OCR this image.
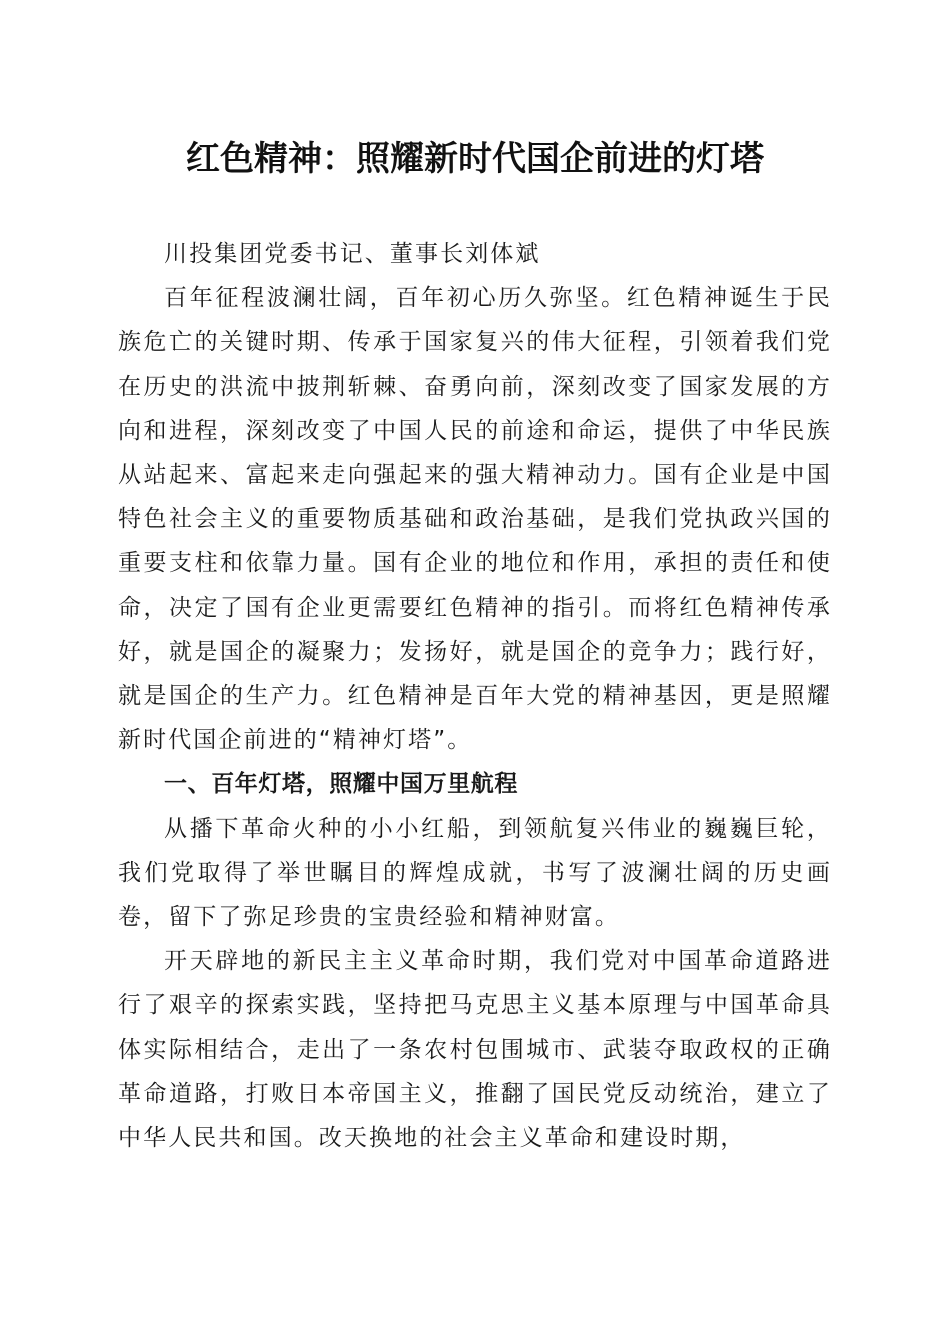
红色精神：照耀新时代国企前进的灯塔

川投集团党委书记、董事长刘体斌

百年征程波澜壮阔，百年初心历久弥坚。红色精神诞生于民族危亡的关键时期、传承于国家复兴的伟大征程，引领着我们党在历史的洪流中披荆斩棘、奋勇向前，深刻改变了国家发展的方向和进程，深刻改变了中国人民的前途和命运，提供了中华民族从站起来、富起来走向强起来的强大精神动力。国有企业是中国特色社会主义的重要物质基础和政治基础，是我们党执政兴国的重要支柱和依靠力量。国有企业的地位和作用，承担的责任和使命，决定了国有企业更需要红色精神的指引。而将红色精神传承好，就是国企的凝聚力；发扬好，就是国企的竞争力；践行好，就是国企的生产力。红色精神是百年大党的精神基因，更是照耀新时代国企前进的“精神灯塔”。

一、百年灯塔，照耀中国万里航程

从播下革命火种的小小红船，到领航复兴伟业的巍巍巨轮，我们党取得了举世瞩目的辉煌成就，书写了波澜壮阔的历史画卷，留下了弥足珍贵的宝贵经验和精神财富。

开天辟地的新民主主义革命时期，我们党对中国革命道路进行了艰辛的探索实践，坚持把马克思主义基本原理与中国革命具体实际相结合，走出了一条农村包围城市、武装夺取政权的正确革命道路，打败日本帝国主义，推翻了国民党反动统治，建立了中华人民共和国。改天换地的社会主义革命和建设时期，
